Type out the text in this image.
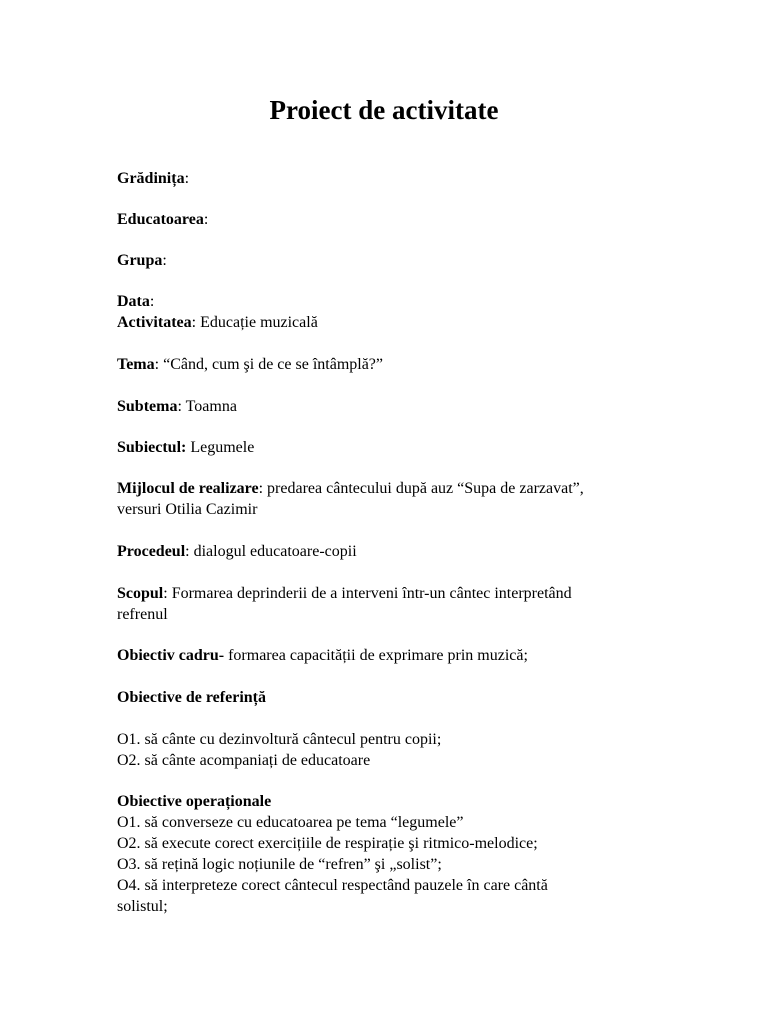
Proiect de activitate

Grădinița:

Educatoarea:

Grupa:

Data:

Activitatea: Educație muzicală

Tema: “Când, cum şi de ce se întâmplă?”

Subtema: Toamna

Subiectul: Legumele

Mijlocul de realizare: predarea cântecului după auz “Supa de zarzavat”,

versuri Otilia Cazimir

Procedeul: dialogul educatoare-copii

Scopul: Formarea deprinderii de a interveni într-un cântec interpretând

refrenul

Obiectiv cadru- formarea capacității de exprimare prin muzică;

Obiective de referință

O1. să cânte cu dezinvoltură cântecul pentru copii;

O2. să cânte acompaniați de educatoare

Obiective operaționale

O1. să converseze cu educatoarea pe tema “legumele”

O2. să execute corect exercițiile de respirație şi ritmico-melodice;

O3. să rețină logic noțiunile de “refren” şi „solist”;

O4. să interpreteze corect cântecul respectând pauzele în care cântă

solistul;
